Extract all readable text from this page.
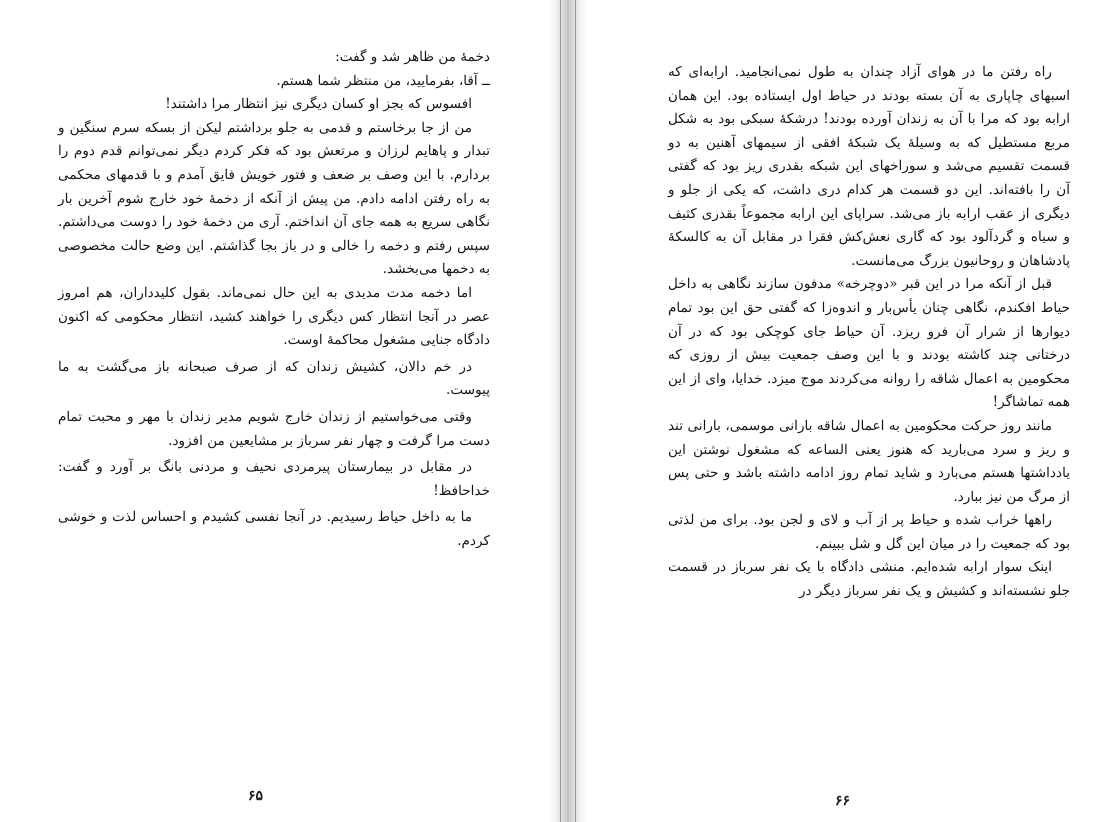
دخمهٔ من ظاهر شد و گفت:

ــ آقا، بفرمایید، من منتظر شما هستم.

افسوس که بجز او کسان دیگری نیز انتظار مرا داشتند!

من از جا برخاستم و قدمی به جلو برداشتم لیکن از بسکه سرم سنگین و تبدار و پاهایم لرزان و مرتعش بود که فکر کردم دیگر نمی‌توانم قدم دوم را بردارم. با این وصف بر ضعف و فتور خویش فایق آمدم و با قدمهای محکمی به راه رفتن ادامه دادم. من پیش از آنکه از دخمهٔ خود خارج شوم آخرین بار نگاهی سریع به همه جای آن انداختم. آری من دخمهٔ خود را دوست می‌داشتم. سپس رفتم و دخمه را خالی و در باز بجا گذاشتم. این وضع حالت مخصوصی به دخمها می‌بخشد.

اما دخمه مدت مدیدی به این حال نمی‌ماند. بقول کلیدداران، هم امروز عصر در آنجا انتظار کس دیگری را خواهند کشید، انتظار محکومی که اکنون دادگاه جنایی مشغول محاکمهٔ اوست.

در خم دالان، کشیش زندان که از صرف صبحانه باز می‌گشت به ما پیوست.

وقتی می‌خواستیم از زندان خارج شویم مدیر زندان با مهر و محبت تمام دست مرا گرفت و چهار نفر سرباز بر مشایعین من افزود.

در مقابل در بیمارستان پیرمردی نحیف و مردنی بانگ بر آورد و گفت: خداحافظ!

ما به داخل حیاط رسیدیم. در آنجا نفسی کشیدم و احساس لذت و خوشی کردم.

۶۵

راه رفتن ما در هوای آزاد چندان به طول نمی‌انجامید. ارابه‌ای که اسبهای چاپاری به آن بسته بودند در حیاط اول ایستاده بود. این همان ارابه بود که مرا با آن به زندان آورده بودند! درشکهٔ سبکی بود به شکل مربع مستطیل که به وسیلهٔ یک شبکهٔ افقی از سیمهای آهنین به دو قسمت تقسیم می‌شد و سوراخهای این شبکه بقدری ریز بود که گفتی آن را بافته‌اند. این دو قسمت هر کدام دری داشت، که یکی از جلو و دیگری از عقب ارابه باز می‌شد. سراپای این ارابه مجموعاً بقدری کثیف و سیاه و گردآلود بود که گاری نعش‌کش فقرا در مقابل آن به کالسکهٔ پادشاهان و روحانیون بزرگ می‌مانست.

قبل از آنکه مرا در این قبر «دوچرخه» مدفون سازند نگاهی به داخل حیاط افکندم، نگاهی چنان یأس‌بار و اندوه‌زا که گفتی حق این بود تمام دیوارها از شرار آن فرو ریزد. آن حیاط جای کوچکی بود که در آن درختانی چند کاشته بودند و با این وصف جمعیت بیش از روزی که محکومین به اعمال شاقه را روانه می‌کردند موج میزد. خدایا، وای از این همه تماشاگر!

مانند روز حرکت محکومین به اعمال شاقه بارانی موسمی، بارانی تند و ریز و سرد می‌بارید که هنوز یعنی الساعه که مشغول نوشتن این یادداشتها هستم می‌بارد و شاید تمام روز ادامه داشته باشد و حتی پس از مرگ من نیز ببارد.

راهها خراب شده و حیاط پر از آب و لای و لجن بود. برای من لذتی بود که جمعیت را در میان این گل و شل ببینم.

اینک سوار ارابه شده‌ایم. منشی دادگاه با یک نفر سرباز در قسمت جلو نشسته‌اند و کشیش و یک نفر سرباز دیگر در

۶۶
